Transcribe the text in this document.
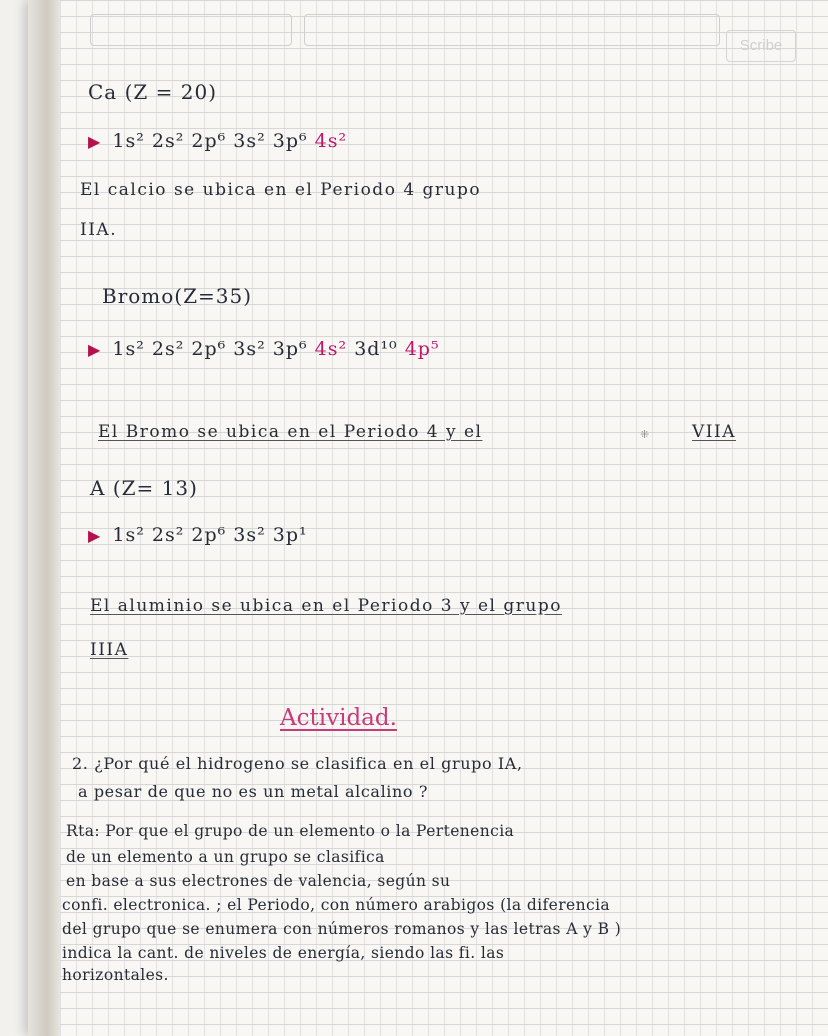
Scribe
Ca (Z = 20)
▶ 1s² 2s² 2p⁶ 3s² 3p⁶ 4s²
El calcio se ubica en el Periodo 4 grupo
IIA.
Bromo(Z=35)
▶ 1s² 2s² 2p⁶ 3s² 3p⁶ 4s² 3d¹⁰ 4p⁵
El Bromo se ubica en el Periodo 4 y el	⁜	VIIA
A (Z= 13)
▶ 1s² 2s² 2p⁶ 3s² 3p¹
El aluminio se ubica en el Periodo 3 y el grupo
IIIA
Actividad.
2. ¿Por qué el hidrogeno se clasifica en el grupo IA,
a pesar de que no es un metal alcalino ?
Rta: Por que el grupo de un elemento o la Pertenencia
de un elemento a un grupo se clasifica
en base a sus electrones de valencia, según su
confi. electronica. ; el Periodo, con número arabigos (la diferencia
del grupo que se enumera con números romanos y las letras A y B )
indica la cant. de niveles de energía, siendo las fi. las
horizontales.
